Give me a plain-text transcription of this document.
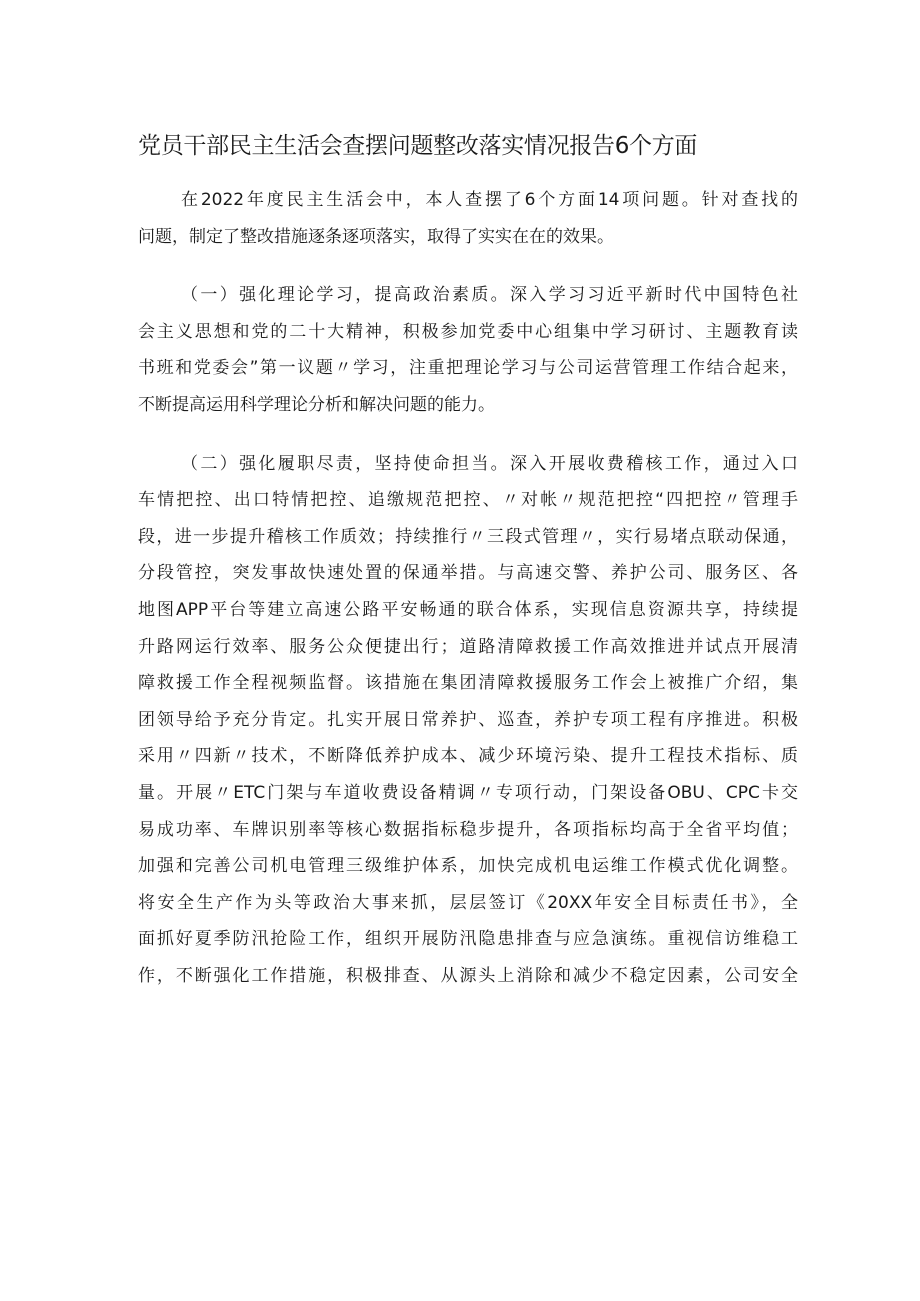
党员干部民主生活会查摆问题整改落实情况报告6个方面
在2022年度民主生活会中，本人查摆了6个方面14项问题。针对查找的
问题，制定了整改措施逐条逐项落实，取得了实实在在的效果。
（一）强化理论学习，提高政治素质。深入学习习近平新时代中国特色社
会主义思想和党的二十大精神，积极参加党委中心组集中学习研讨、主题教育读
书班和党委会”第一议题〃学习，注重把理论学习与公司运营管理工作结合起来，
不断提高运用科学理论分析和解决问题的能力。
（二）强化履职尽责，坚持使命担当。深入开展收费稽核工作，通过入口
车情把控、出口特情把控、追缴规范把控、〃对帐〃规范把控“四把控〃管理手
段，进一步提升稽核工作质效；持续推行〃三段式管理〃，实行易堵点联动保通，
分段管控，突发事故快速处置的保通举措。与高速交警、养护公司、服务区、各
地图APP平台等建立高速公路平安畅通的联合体系，实现信息资源共享，持续提
升路网运行效率、服务公众便捷出行；道路清障救援工作高效推进并试点开展清
障救援工作全程视频监督。该措施在集团清障救援服务工作会上被推广介绍，集
团领导给予充分肯定。扎实开展日常养护、巡查，养护专项工程有序推进。积极
采用〃四新〃技术，不断降低养护成本、减少环境污染、提升工程技术指标、质
量。开展〃ETC门架与车道收费设备精调〃专项行动，门架设备OBU、CPC卡交
易成功率、车牌识别率等核心数据指标稳步提升，各项指标均高于全省平均值；
加强和完善公司机电管理三级维护体系，加快完成机电运维工作模式优化调整。
将安全生产作为头等政治大事来抓，层层签订《20XX年安全目标责任书》，全
面抓好夏季防汛抢险工作，组织开展防汛隐患排查与应急演练。重视信访维稳工
作，不断强化工作措施，积极排查、从源头上消除和减少不稳定因素，公司安全
